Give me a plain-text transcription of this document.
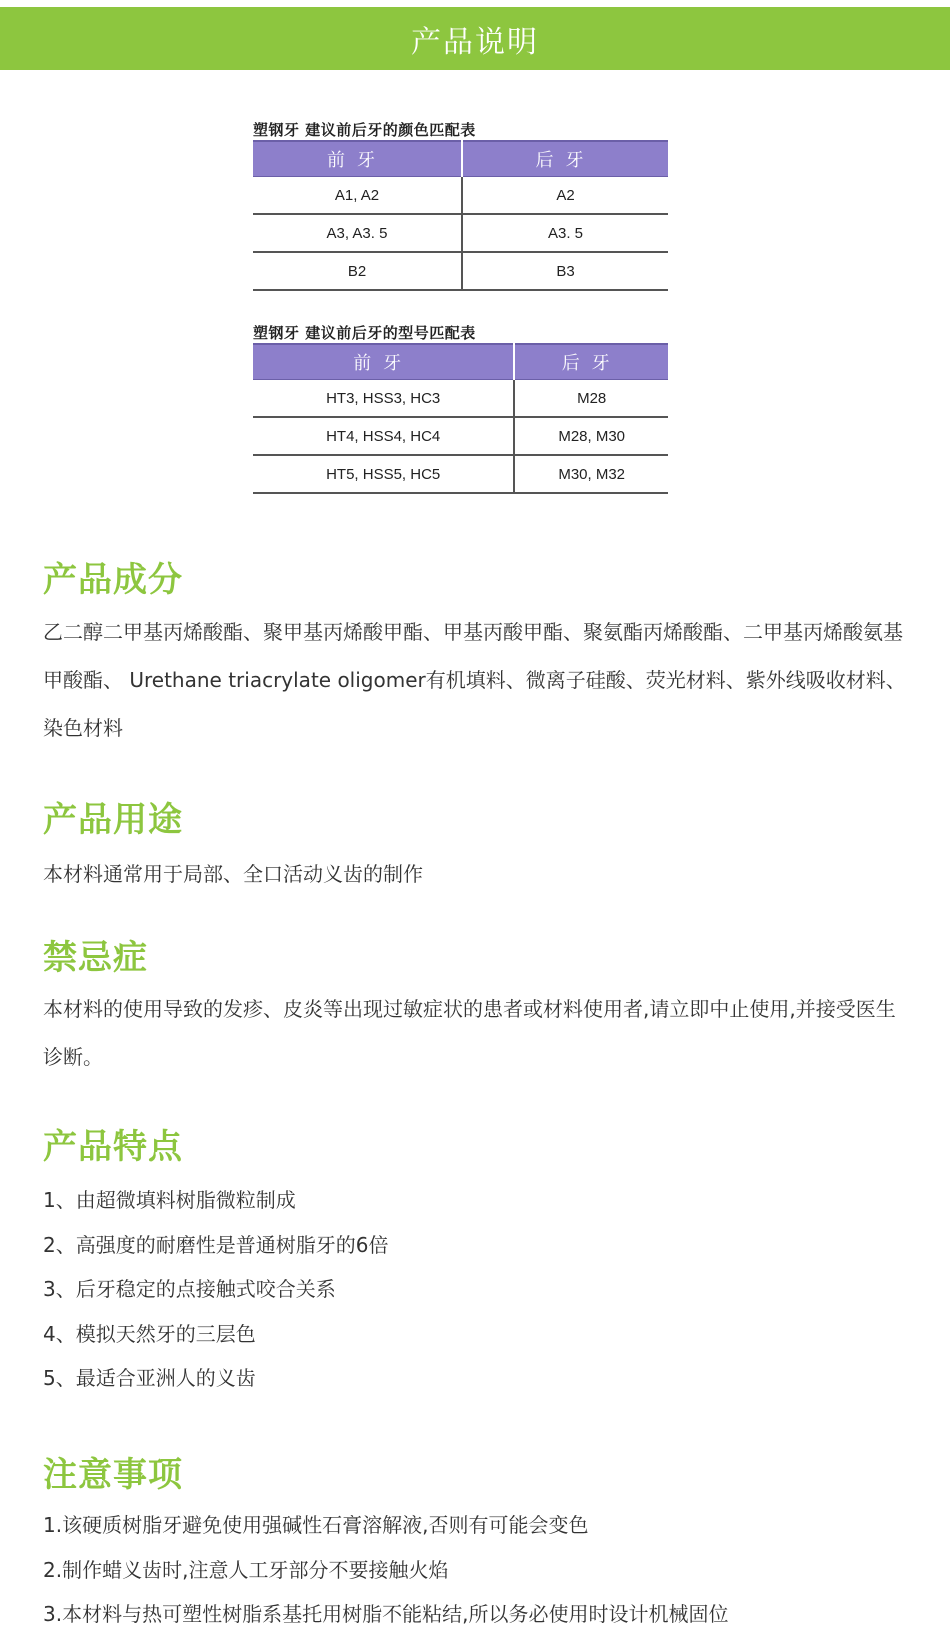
产品说明
塑钢牙 建议前后牙的颜色匹配表
前牙	后牙
A1, A2	A2
A3, A3. 5	A3. 5
B2	B3
塑钢牙 建议前后牙的型号匹配表
前牙	后牙
HT3, HSS3, HC3	M28
HT4, HSS4, HC4	M28, M30
HT5, HSS5, HC5	M30, M32
产品成分

乙二醇二甲基丙烯酸酯、聚甲基丙烯酸甲酯、甲基丙酸甲酯、聚氨酯丙烯酸酯、二甲基丙烯酸氨基甲酸酯、 Urethane triacrylate oligomer有机填料、微离子硅酸、荧光材料、紫外线吸收材料、染色材料

产品用途

本材料通常用于局部、全口活动义齿的制作

禁忌症

本材料的使用导致的发疹、皮炎等出现过敏症状的患者或材料使用者,请立即中止使用,并接受医生诊断。

产品特点
1、由超微填料树脂微粒制成
2、高强度的耐磨性是普通树脂牙的6倍
3、后牙稳定的点接触式咬合关系
4、模拟天然牙的三层色
5、最适合亚洲人的义齿
注意事项
1.该硬质树脂牙避免使用强碱性石膏溶解液,否则有可能会变色
2.制作蜡义齿时,注意人工牙部分不要接触火焰
3.本材料与热可塑性树脂系基托用树脂不能粘结,所以务必使用时设计机械固位
